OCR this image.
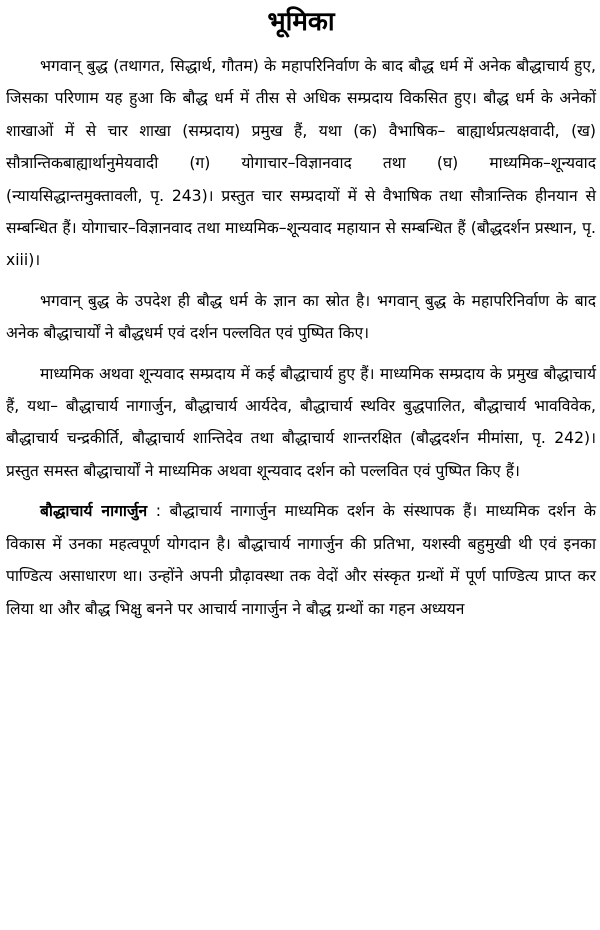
भूमिका

भगवान् बुद्ध (तथागत, सिद्धार्थ, गौतम) के महापरिनिर्वाण के बाद बौद्ध धर्म में अनेक बौद्धाचार्य हुए, जिसका परिणाम यह हुआ कि बौद्ध धर्म में तीस से अधिक सम्प्रदाय विकसित हुए। बौद्ध धर्म के अनेकों शाखाओं में से चार शाखा (सम्प्रदाय) प्रमुख हैं, यथा (क) वैभाषिक– बाह्यार्थप्रत्यक्षवादी, (ख) सौत्रान्तिकबाह्यार्थानुमेयवादी (ग) योगाचार–विज्ञानवाद तथा (घ) माध्यमिक–शून्यवाद (न्यायसिद्धान्तमुक्तावली, पृ. 243)। प्रस्तुत चार सम्प्रदायों में से वैभाषिक तथा सौत्रान्तिक हीनयान से सम्बन्धित हैं। योगाचार–विज्ञानवाद तथा माध्यमिक–शून्यवाद महायान से सम्बन्धित हैं (बौद्धदर्शन प्रस्थान, पृ. xiii)।

भगवान् बुद्ध के उपदेश ही बौद्ध धर्म के ज्ञान का स्रोत है। भगवान् बुद्ध के महापरिनिर्वाण के बाद अनेक बौद्धाचार्यों ने बौद्धधर्म एवं दर्शन पल्लवित एवं पुष्पित किए।

माध्यमिक अथवा शून्यवाद सम्प्रदाय में कई बौद्धाचार्य हुए हैं। माध्यमिक सम्प्रदाय के प्रमुख बौद्धाचार्य हैं, यथा– बौद्धाचार्य नागार्जुन, बौद्धाचार्य आर्यदेव, बौद्धाचार्य स्थविर बुद्धपालित, बौद्धाचार्य भावविवेक, बौद्धाचार्य चन्द्रकीर्ति, बौद्धाचार्य शान्तिदेव तथा बौद्धाचार्य शान्तरक्षित (बौद्धदर्शन मीमांसा, पृ. 242)। प्रस्तुत समस्त बौद्धाचार्यों ने माध्यमिक अथवा शून्यवाद दर्शन को पल्लवित एवं पुष्पित किए हैं।

बौद्धाचार्य नागार्जुन : बौद्धाचार्य नागार्जुन माध्यमिक दर्शन के संस्थापक हैं। माध्यमिक दर्शन के विकास में उनका महत्वपूर्ण योगदान है। बौद्धाचार्य नागार्जुन की प्रतिभा, यशस्वी बहुमुखी थी एवं इनका पाण्डित्य असाधारण था। उन्होंने अपनी प्रौढ़ावस्था तक वेदों और संस्कृत ग्रन्थों में पूर्ण पाण्डित्य प्राप्त कर लिया था और बौद्ध भिक्षु बनने पर आचार्य नागार्जुन ने बौद्ध ग्रन्थों का गहन अध्ययन
